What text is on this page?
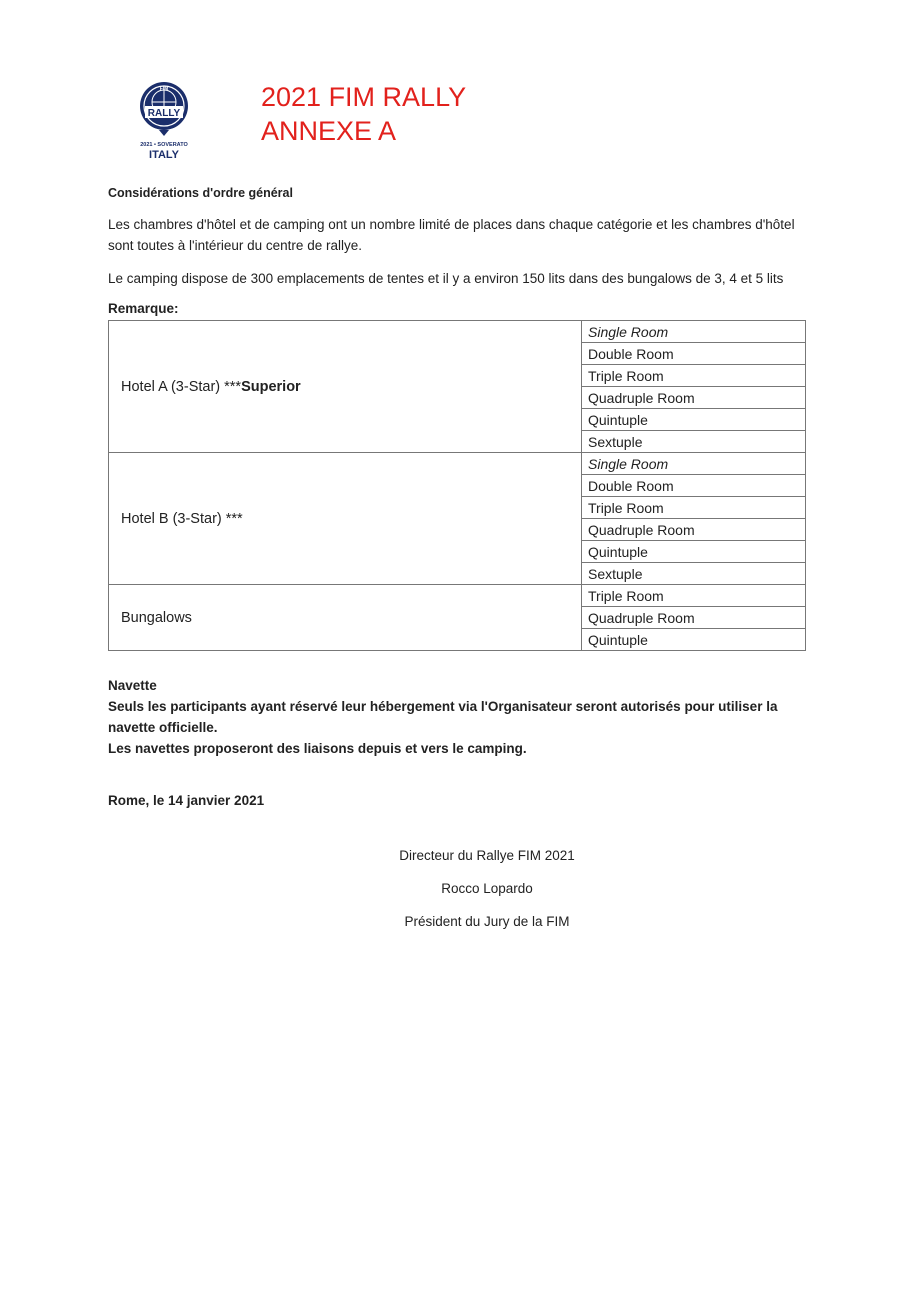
RALLY
FIM
2021 • SOVERATO
ITALY
2021 FIM RALLY
ANNEXE A
Considérations d'ordre général

Les chambres d'hôtel et de camping ont un nombre limité de places dans chaque catégorie et les chambres d'hôtel sont toutes à l'intérieur du centre de rallye.

Le camping dispose de 300 emplacements de tentes et il y a environ 150 lits dans des bungalows de 3, 4 et 5 lits

Remarque:
Hotel A (3-Star) ***Superior	Single Room
	Double Room
	Triple Room
	Quadruple Room
	Quintuple
	Sextuple
Hotel B (3-Star) ***	Single Room
	Double Room
	Triple Room
	Quadruple Room
	Quintuple
	Sextuple
Bungalows	Triple Room
	Quadruple Room
	Quintuple
Navette
Seuls les participants ayant réservé leur hébergement via l'Organisateur seront autorisés pour utiliser la navette officielle.
Les navettes proposeront des liaisons depuis et vers le camping.
Rome, le 14 janvier 2021
Directeur du Rallye FIM 2021
Rocco Lopardo
Président du Jury de la FIM
